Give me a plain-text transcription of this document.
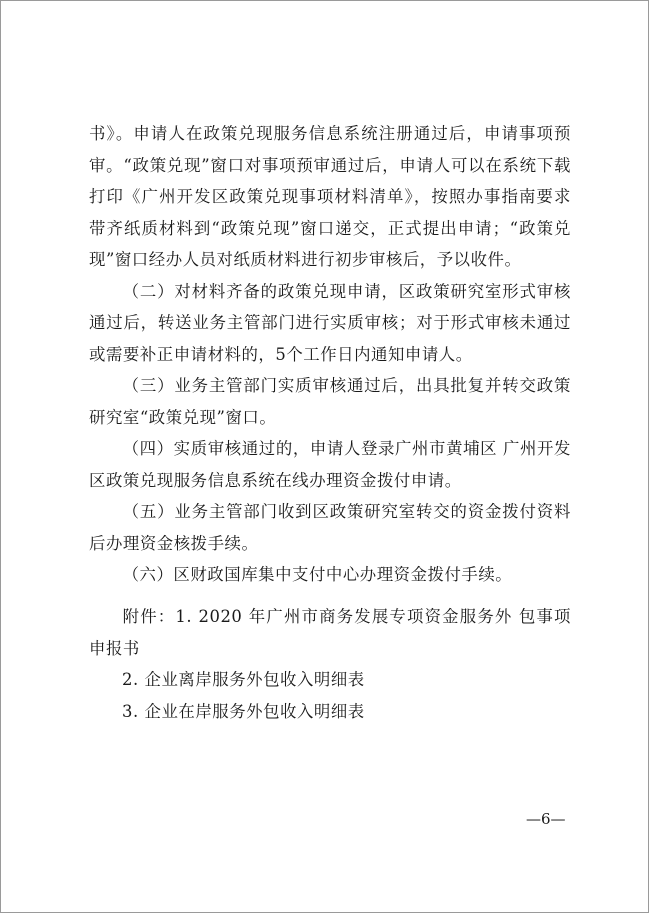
书》。申请人在政策兑现服务信息系统注册通过后，申请事项预审。“政策兑现”窗口对事项预审通过后，申请人可以在系统下载打印《广州开发区政策兑现事项材料清单》，按照办事指南要求带齐纸质材料到“政策兑现”窗口递交，正式提出申请；“政策兑现”窗口经办人员对纸质材料进行初步审核后，予以收件。

（二）对材料齐备的政策兑现申请，区政策研究室形式审核通过后，转送业务主管部门进行实质审核；对于形式审核未通过或需要补正申请材料的，5个工作日内通知申请人。

（三）业务主管部门实质审核通过后，出具批复并转交政策研究室“政策兑现”窗口。

（四）实质审核通过的，申请人登录广州市黄埔区 广州开发区政策兑现服务信息系统在线办理资金拨付申请。

（五）业务主管部门收到区政策研究室转交的资金拨付资料后办理资金核拨手续。

（六）区财政国库集中支付中心办理资金拨付手续。

附件：1. 2020 年广州市商务发展专项资金服务外 包事项申报书

2. 企业离岸服务外包收入明细表

3. 企业在岸服务外包收入明细表

—6—
